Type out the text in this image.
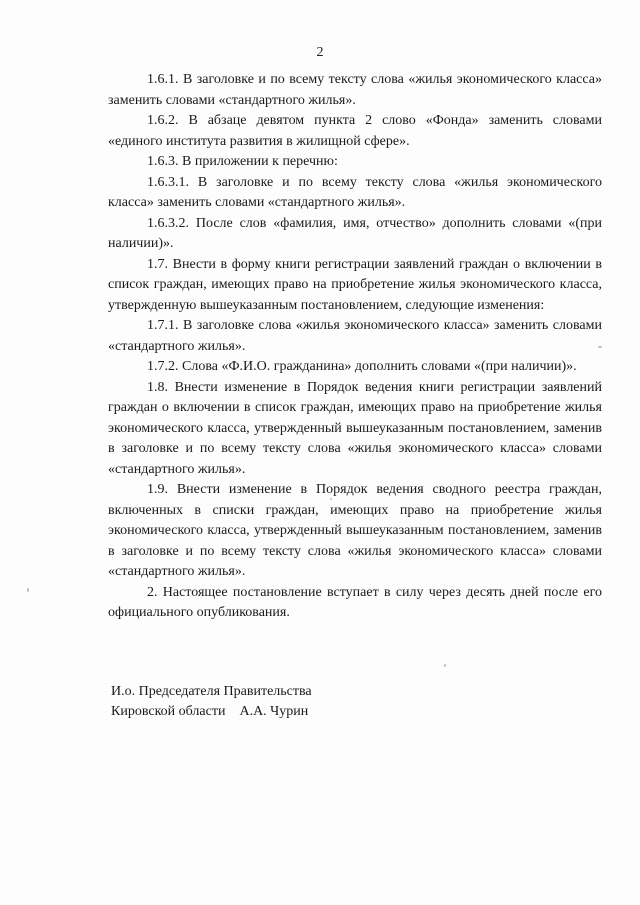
2

1.6.1. В заголовке и по всему тексту слова «жилья экономического класса» заменить словами «стандартного жилья».

1.6.2. В абзаце девятом пункта 2 слово «Фонда» заменить словами «единого института развития в жилищной сфере».

1.6.3. В приложении к перечню:

1.6.3.1. В заголовке и по всему тексту слова «жилья экономического класса» заменить словами «стандартного жилья».

1.6.3.2. После слов «фамилия, имя, отчество» дополнить словами «(при наличии)».

1.7. Внести в форму книги регистрации заявлений граждан о включении в список граждан, имеющих право на приобретение жилья экономического класса, утвержденную вышеуказанным постановлением, следующие изменения:

1.7.1. В заголовке слова «жилья экономического класса» заменить словами «стандартного жилья».

1.7.2. Слова «Ф.И.О. гражданина» дополнить словами «(при наличии)».

1.8. Внести изменение в Порядок ведения книги регистрации заявлений граждан о включении в список граждан, имеющих право на приобретение жилья экономического класса, утвержденный вышеуказанным постановлением, заменив в заголовке и по всему тексту слова «жилья экономического класса» словами «стандартного жилья».

1.9. Внести изменение в Порядок ведения сводного реестра граждан, включенных в списки граждан, имеющих право на приобретение жилья экономического класса, утвержденный вышеуказанным постановлением, заменив в заголовке и по всему тексту слова «жилья экономического класса» словами «стандартного жилья».

2. Настоящее постановление вступает в силу через десять дней после его официального опубликования.

И.о. Председателя Правительства
Кировской области    А.А. Чурин
